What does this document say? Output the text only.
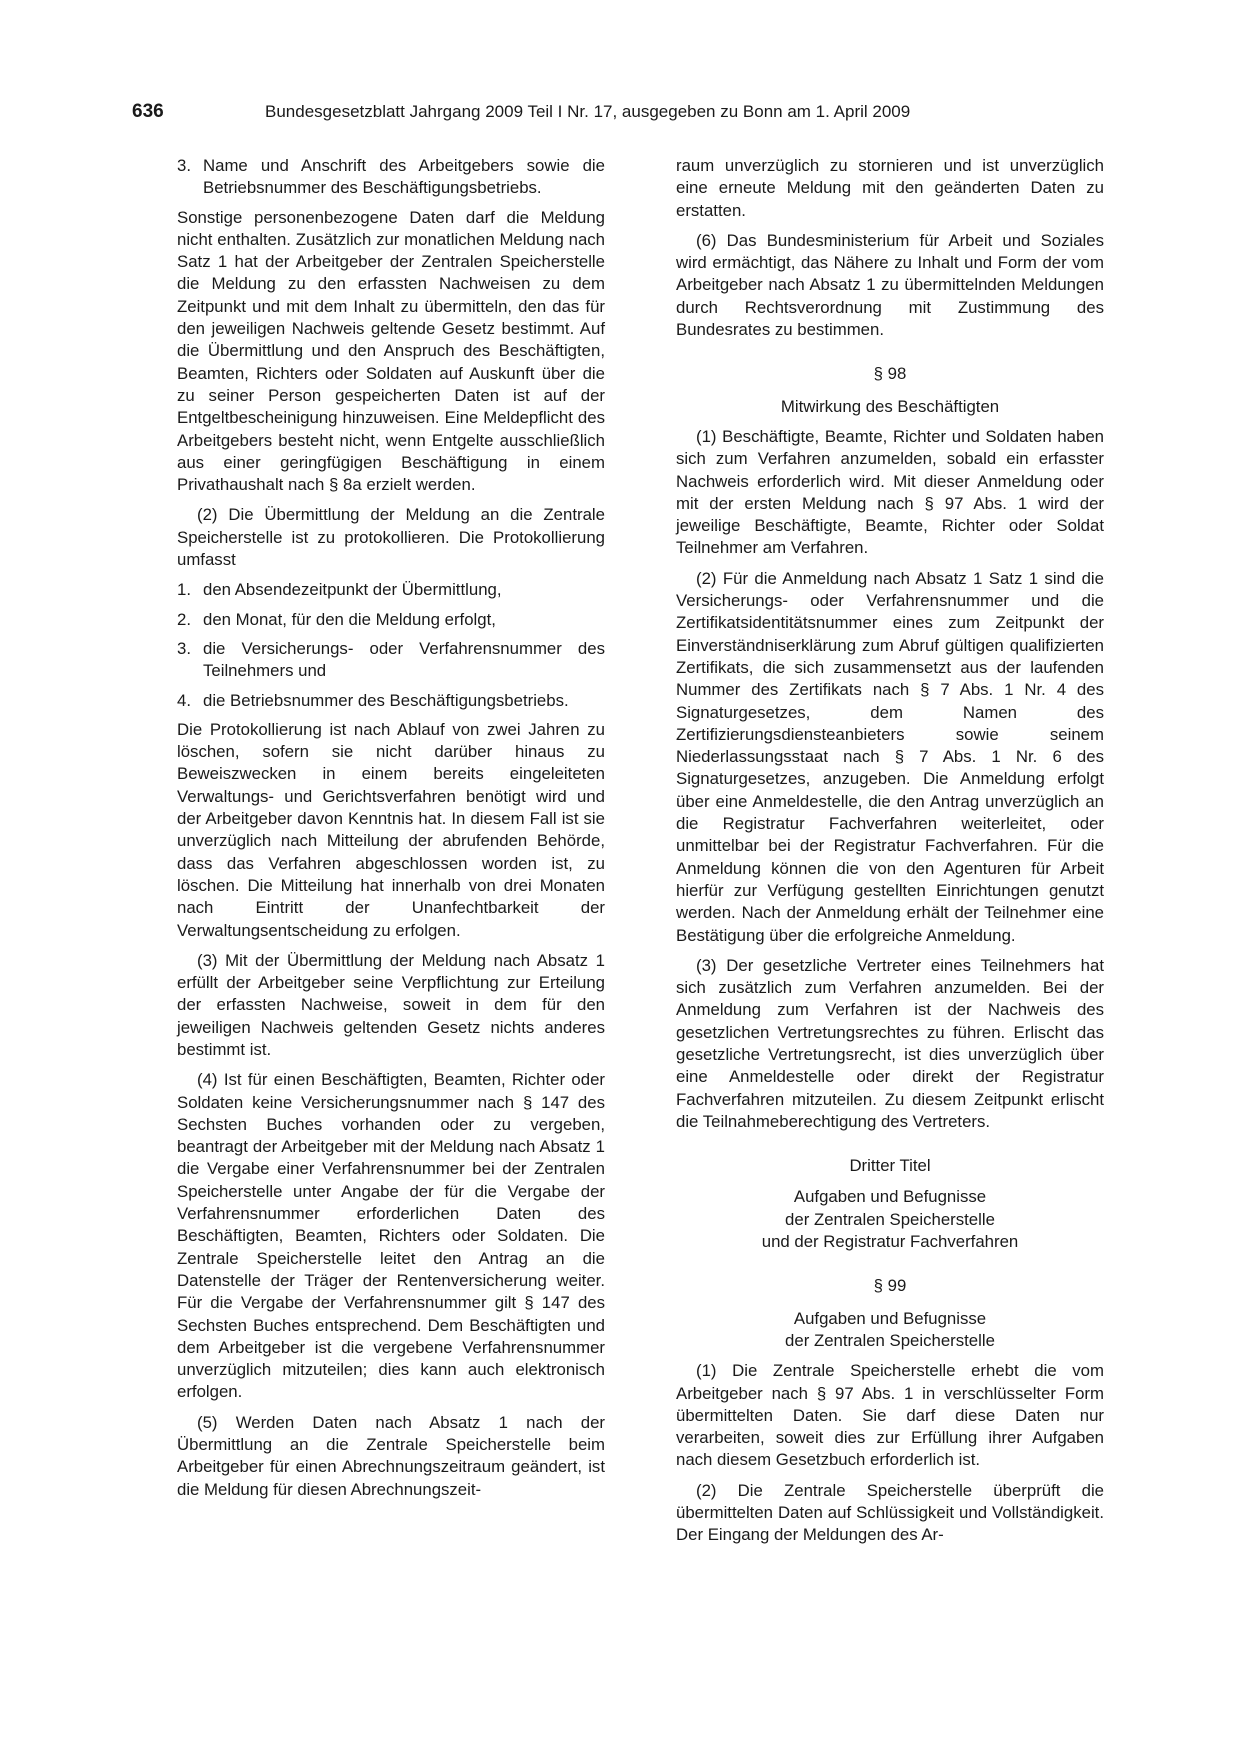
636	Bundesgesetzblatt Jahrgang 2009 Teil I Nr. 17, ausgegeben zu Bonn am 1. April 2009
3. Name und Anschrift des Arbeitgebers sowie die Betriebsnummer des Beschäftigungsbetriebs.

Sonstige personenbezogene Daten darf die Meldung nicht enthalten. Zusätzlich zur monatlichen Meldung nach Satz 1 hat der Arbeitgeber der Zentralen Speicherstelle die Meldung zu den erfassten Nachweisen zu dem Zeitpunkt und mit dem Inhalt zu übermitteln, den das für den jeweiligen Nachweis geltende Gesetz bestimmt. Auf die Übermittlung und den Anspruch des Beschäftigten, Beamten, Richters oder Soldaten auf Auskunft über die zu seiner Person gespeicherten Daten ist auf der Entgeltbescheinigung hinzuweisen. Eine Meldepflicht des Arbeitgebers besteht nicht, wenn Entgelte ausschließlich aus einer geringfügigen Beschäftigung in einem Privathaushalt nach § 8a erzielt werden.

(2) Die Übermittlung der Meldung an die Zentrale Speicherstelle ist zu protokollieren. Die Protokollierung umfasst

1. den Absendezeitpunkt der Übermittlung,
2. den Monat, für den die Meldung erfolgt,
3. die Versicherungs- oder Verfahrensnummer des Teilnehmers und
4. die Betriebsnummer des Beschäftigungsbetriebs.

Die Protokollierung ist nach Ablauf von zwei Jahren zu löschen, sofern sie nicht darüber hinaus zu Beweiszwecken in einem bereits eingeleiteten Verwaltungs- und Gerichtsverfahren benötigt wird und der Arbeitgeber davon Kenntnis hat. In diesem Fall ist sie unverzüglich nach Mitteilung der abrufenden Behörde, dass das Verfahren abgeschlossen worden ist, zu löschen. Die Mitteilung hat innerhalb von drei Monaten nach Eintritt der Unanfechtbarkeit der Verwaltungsentscheidung zu erfolgen.

(3) Mit der Übermittlung der Meldung nach Absatz 1 erfüllt der Arbeitgeber seine Verpflichtung zur Erteilung der erfassten Nachweise, soweit in dem für den jeweiligen Nachweis geltenden Gesetz nichts anderes bestimmt ist.

(4) Ist für einen Beschäftigten, Beamten, Richter oder Soldaten keine Versicherungsnummer nach § 147 des Sechsten Buches vorhanden oder zu vergeben, beantragt der Arbeitgeber mit der Meldung nach Absatz 1 die Vergabe einer Verfahrensnummer bei der Zentralen Speicherstelle unter Angabe der für die Vergabe der Verfahrensnummer erforderlichen Daten des Beschäftigten, Beamten, Richters oder Soldaten. Die Zentrale Speicherstelle leitet den Antrag an die Datenstelle der Träger der Rentenversicherung weiter. Für die Vergabe der Verfahrensnummer gilt § 147 des Sechsten Buches entsprechend. Dem Beschäftigten und dem Arbeitgeber ist die vergebene Verfahrensnummer unverzüglich mitzuteilen; dies kann auch elektronisch erfolgen.

(5) Werden Daten nach Absatz 1 nach der Übermittlung an die Zentrale Speicherstelle beim Arbeitgeber für einen Abrechnungszeitraum geändert, ist die Meldung für diesen Abrechnungszeit-

raum unverzüglich zu stornieren und ist unverzüglich eine erneute Meldung mit den geänderten Daten zu erstatten.

(6) Das Bundesministerium für Arbeit und Soziales wird ermächtigt, das Nähere zu Inhalt und Form der vom Arbeitgeber nach Absatz 1 zu übermittelnden Meldungen durch Rechtsverordnung mit Zustimmung des Bundesrates zu bestimmen.

§ 98

Mitwirkung des Beschäftigten

(1) Beschäftigte, Beamte, Richter und Soldaten haben sich zum Verfahren anzumelden, sobald ein erfasster Nachweis erforderlich wird. Mit dieser Anmeldung oder mit der ersten Meldung nach § 97 Abs. 1 wird der jeweilige Beschäftigte, Beamte, Richter oder Soldat Teilnehmer am Verfahren.

(2) Für die Anmeldung nach Absatz 1 Satz 1 sind die Versicherungs- oder Verfahrensnummer und die Zertifikatsidentitätsnummer eines zum Zeitpunkt der Einverständniserklärung zum Abruf gültigen qualifizierten Zertifikats, die sich zusammensetzt aus der laufenden Nummer des Zertifikats nach § 7 Abs. 1 Nr. 4 des Signaturgesetzes, dem Namen des Zertifizierungsdiensteanbieters sowie seinem Niederlassungsstaat nach § 7 Abs. 1 Nr. 6 des Signaturgesetzes, anzugeben. Die Anmeldung erfolgt über eine Anmeldestelle, die den Antrag unverzüglich an die Registratur Fachverfahren weiterleitet, oder unmittelbar bei der Registratur Fachverfahren. Für die Anmeldung können die von den Agenturen für Arbeit hierfür zur Verfügung gestellten Einrichtungen genutzt werden. Nach der Anmeldung erhält der Teilnehmer eine Bestätigung über die erfolgreiche Anmeldung.

(3) Der gesetzliche Vertreter eines Teilnehmers hat sich zusätzlich zum Verfahren anzumelden. Bei der Anmeldung zum Verfahren ist der Nachweis des gesetzlichen Vertretungsrechtes zu führen. Erlischt das gesetzliche Vertretungsrecht, ist dies unverzüglich über eine Anmeldestelle oder direkt der Registratur Fachverfahren mitzuteilen. Zu diesem Zeitpunkt erlischt die Teilnahmeberechtigung des Vertreters.

Dritter Titel

Aufgaben und Befugnisse

der Zentralen Speicherstelle

und der Registratur Fachverfahren

§ 99

Aufgaben und Befugnisse

der Zentralen Speicherstelle

(1) Die Zentrale Speicherstelle erhebt die vom Arbeitgeber nach § 97 Abs. 1 in verschlüsselter Form übermittelten Daten. Sie darf diese Daten nur verarbeiten, soweit dies zur Erfüllung ihrer Aufgaben nach diesem Gesetzbuch erforderlich ist.

(2) Die Zentrale Speicherstelle überprüft die übermittelten Daten auf Schlüssigkeit und Vollständigkeit. Der Eingang der Meldungen des Ar-
